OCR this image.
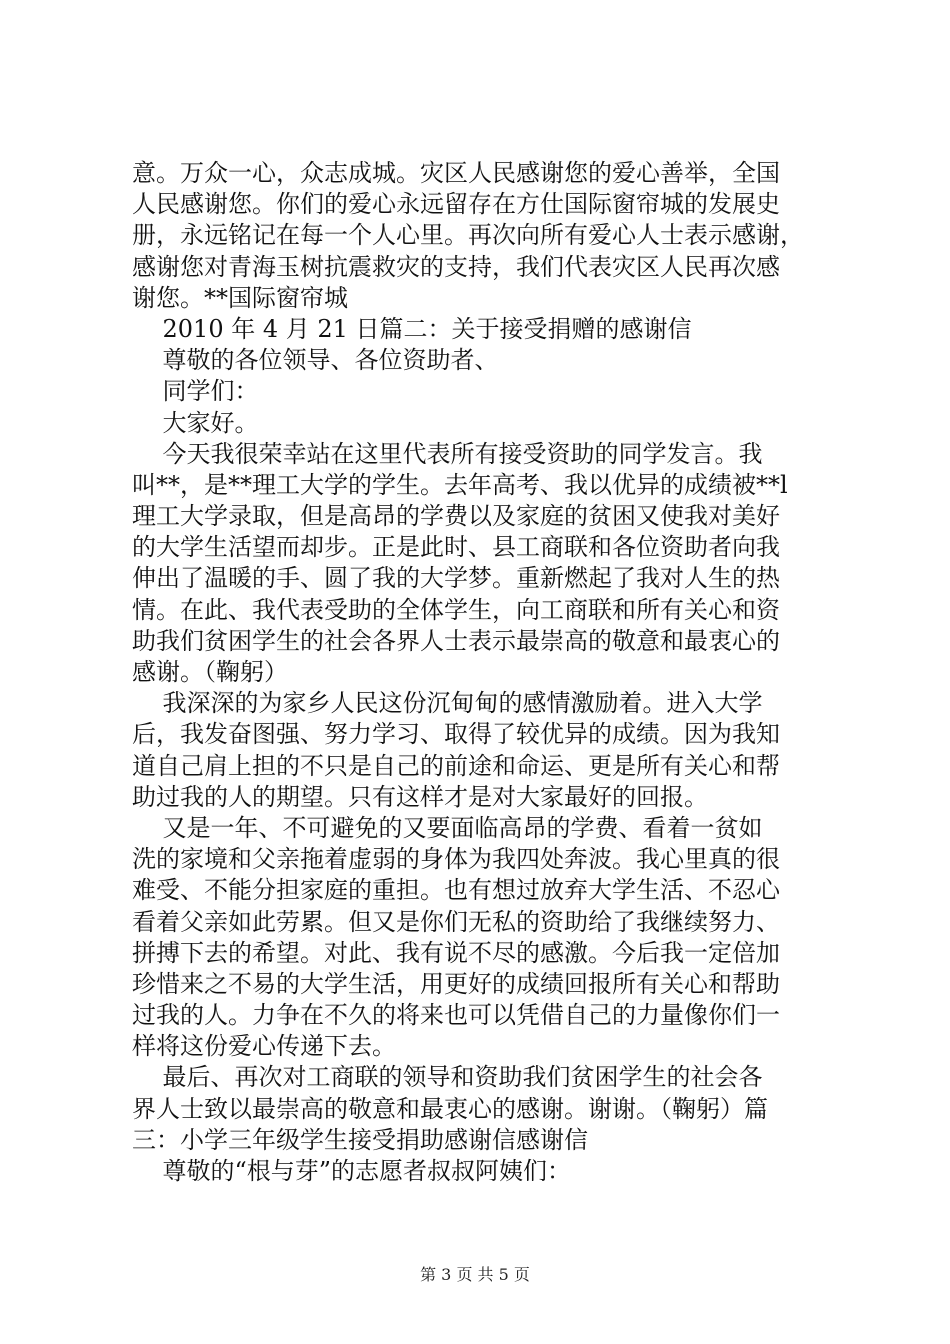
意。万众一心，众志成城。灾区人民感谢您的爱心善举，全国
人民感谢您。你们的爱心永远留存在方仕国际窗帘城的发展史
册，永远铭记在每一个人心里。再次向所有爱心人士表示感谢，
感谢您对青海玉树抗震救灾的支持，我们代表灾区人民再次感
谢您。**国际窗帘城
2010 年 4 月 21 日篇二：关于接受捐赠的感谢信
尊敬的各位领导、各位资助者、
同学们：
大家好。
今天我很荣幸站在这里代表所有接受资助的同学发言。我
叫**，是**理工大学的学生。去年高考、我以优异的成绩被**l
理工大学录取，但是高昂的学费以及家庭的贫困又使我对美好
的大学生活望而却步。正是此时、县工商联和各位资助者向我
伸出了温暖的手、圆了我的大学梦。重新燃起了我对人生的热
情。在此、我代表受助的全体学生，向工商联和所有关心和资
助我们贫困学生的社会各界人士表示最崇高的敬意和最衷心的
感谢。（鞠躬）
我深深的为家乡人民这份沉甸甸的感情激励着。进入大学
后，我发奋图强、努力学习、取得了较优异的成绩。因为我知
道自己肩上担的不只是自己的前途和命运、更是所有关心和帮
助过我的人的期望。只有这样才是对大家最好的回报。
又是一年、不可避免的又要面临高昂的学费、看着一贫如
洗的家境和父亲拖着虚弱的身体为我四处奔波。我心里真的很
难受、不能分担家庭的重担。也有想过放弃大学生活、不忍心
看着父亲如此劳累。但又是你们无私的资助给了我继续努力、
拼搏下去的希望。对此、我有说不尽的感激。今后我一定倍加
珍惜来之不易的大学生活，用更好的成绩回报所有关心和帮助
过我的人。力争在不久的将来也可以凭借自己的力量像你们一
样将这份爱心传递下去。
最后、再次对工商联的领导和资助我们贫困学生的社会各
界人士致以最崇高的敬意和最衷心的感谢。谢谢。（鞠躬）篇
三：小学三年级学生接受捐助感谢信感谢信
尊敬的“根与芽”的志愿者叔叔阿姨们：
第 3 页 共 5 页
